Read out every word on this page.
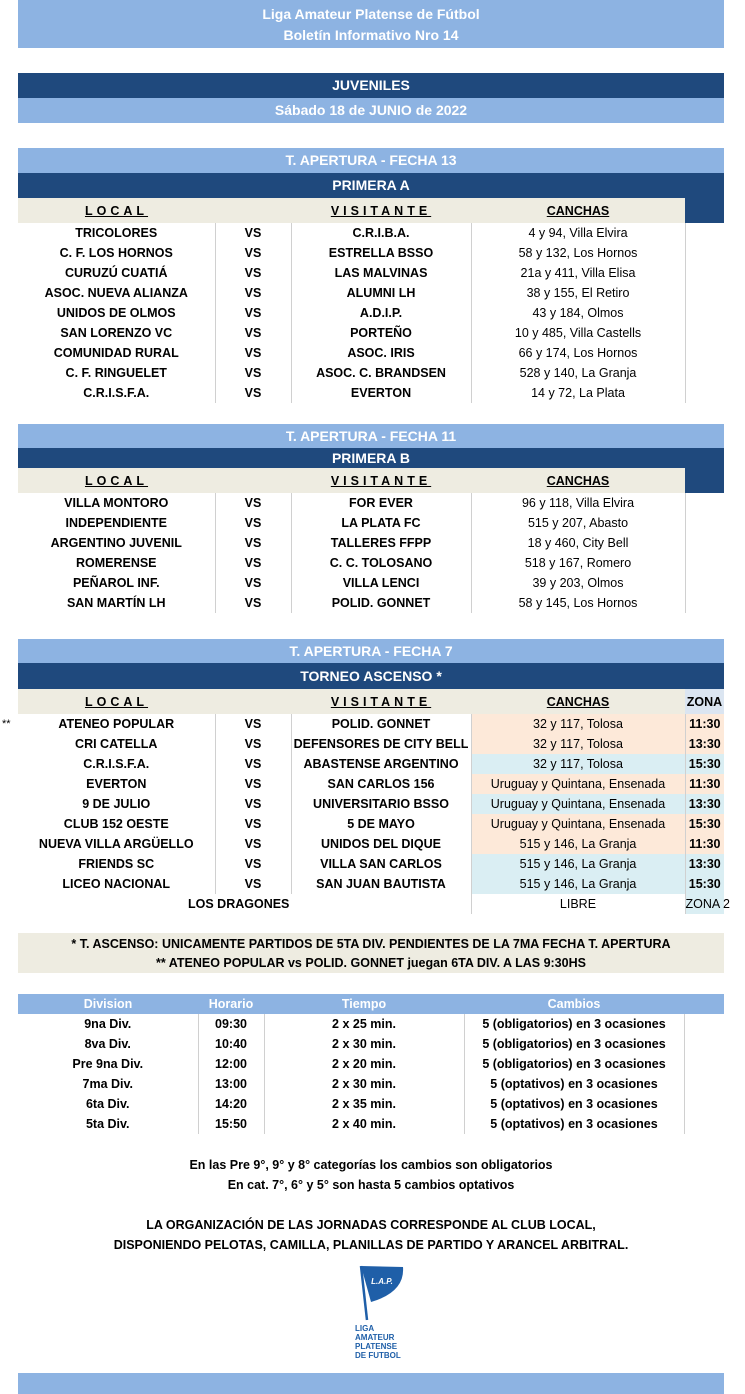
Liga Amateur Platense de Fútbol
Boletín Informativo Nro 14
JUVENILES
Sábado 18 de JUNIO de 2022
T. APERTURA - FECHA 13
PRIMERA A
LOCAL		VISITANTE	CANCHAS	
TRICOLORES	VS	C.R.I.B.A.	4 y 94, Villa Elvira	
C. F. LOS HORNOS	VS	ESTRELLA BSSO	58 y 132, Los Hornos	
CURUZÚ CUATIÁ	VS	LAS MALVINAS	21a y 411, Villa Elisa	
ASOC. NUEVA ALIANZA	VS	ALUMNI LH	38 y 155, El Retiro	
UNIDOS DE OLMOS	VS	A.D.I.P.	43 y 184, Olmos	
SAN LORENZO VC	VS	PORTEÑO	10 y 485, Villa Castells	
COMUNIDAD RURAL	VS	ASOC. IRIS	66 y 174, Los Hornos	
C. F. RINGUELET	VS	ASOC. C. BRANDSEN	528 y 140, La Granja	
C.R.I.S.F.A.	VS	EVERTON	14 y 72, La Plata	
T. APERTURA - FECHA 11
PRIMERA B
LOCAL		VISITANTE	CANCHAS	
VILLA MONTORO	VS	FOR EVER	96 y 118, Villa Elvira	
INDEPENDIENTE	VS	LA PLATA FC	515 y 207, Abasto	
ARGENTINO JUVENIL	VS	TALLERES FFPP	18 y 460, City Bell	
ROMERENSE	VS	C. C. TOLOSANO	518 y 167, Romero	
PEÑAROL INF.	VS	VILLA LENCI	39 y 203, Olmos	
SAN MARTÍN LH	VS	POLID. GONNET	58 y 145, Los Hornos	
T. APERTURA - FECHA 7
TORNEO ASCENSO *
**
LOCAL		VISITANTE	CANCHAS	ZONA
ATENEO POPULAR	VS	POLID. GONNET	32 y 117, Tolosa	11:30
CRI CATELLA	VS	DEFENSORES DE CITY BELL	32 y 117, Tolosa	13:30
C.R.I.S.F.A.	VS	ABASTENSE ARGENTINO	32 y 117, Tolosa	15:30
EVERTON	VS	SAN CARLOS 156	Uruguay y Quintana, Ensenada	11:30
9 DE JULIO	VS	UNIVERSITARIO BSSO	Uruguay y Quintana, Ensenada	13:30
CLUB 152 OESTE	VS	5 DE MAYO	Uruguay y Quintana, Ensenada	15:30
NUEVA VILLA ARGÜELLO	VS	UNIDOS DEL DIQUE	515 y 146, La Granja	11:30
FRIENDS SC	VS	VILLA SAN CARLOS	515 y 146, La Granja	13:30
LICEO NACIONAL	VS	SAN JUAN BAUTISTA	515 y 146, La Granja	15:30
LOS DRAGONES			LIBRE	ZONA 2
* T. ASCENSO: UNICAMENTE PARTIDOS DE 5TA DIV. PENDIENTES DE LA 7MA FECHA T. APERTURA
** ATENEO POPULAR vs POLID. GONNET juegan 6TA DIV. A LAS 9:30HS
Division	Horario	Tiempo	Cambios	
9na Div.	09:30	2 x 25 min.	5 (obligatorios) en 3 ocasiones	
8va Div.	10:40	2 x 30 min.	5 (obligatorios) en 3 ocasiones	
Pre 9na Div.	12:00	2 x 20 min.	5 (obligatorios) en 3 ocasiones	
7ma Div.	13:00	2 x 30 min.	5 (optativos) en 3 ocasiones	
6ta Div.	14:20	2 x 35 min.	5 (optativos) en 3 ocasiones	
5ta Div.	15:50	2 x 40 min.	5 (optativos) en 3 ocasiones	
En las Pre 9°, 9° y 8° categorías los cambios son obligatorios
En cat. 7°, 6° y 5° son hasta 5 cambios optativos
LA ORGANIZACIÓN DE LAS JORNADAS CORRESPONDE AL CLUB LOCAL,
DISPONIENDO PELOTAS, CAMILLA, PLANILLAS DE PARTIDO Y ARANCEL ARBITRAL.
L.A.P.
LIGA
AMATEUR
PLATENSE
DE FUTBOL
